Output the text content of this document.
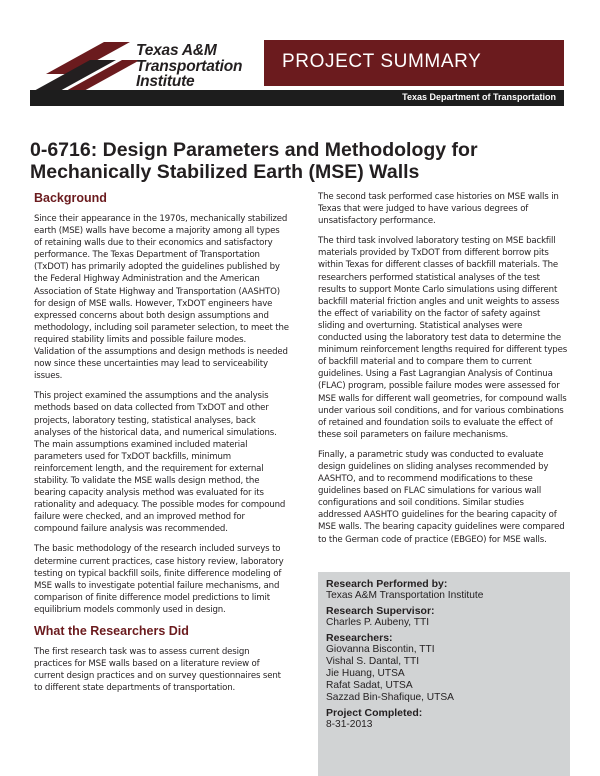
Texas A&M
Transportation
Institute
PROJECT SUMMARY
Texas Department of Transportation
0-6716: Design Parameters and Methodology for Mechanically Stabilized Earth (MSE) Walls
Background

Since their appearance in the 1970s, mechanically stabilized earth (MSE) walls have become a majority among all types of retaining walls due to their economics and satisfactory performance. The Texas Department of Transportation (TxDOT) has primarily adopted the guidelines published by the Federal Highway Administration and the American Association of State Highway and Transportation (AASHTO) for design of MSE walls. However, TxDOT engineers have expressed concerns about both design assumptions and methodology, including soil parameter selection, to meet the required stability limits and possible failure modes. Validation of the assumptions and design methods is needed now since these uncertainties may lead to serviceability issues.

This project examined the assumptions and the analysis methods based on data collected from TxDOT and other projects, laboratory testing, statistical analyses, back analyses of the historical data, and numerical simulations. The main assumptions examined included material parameters used for TxDOT backfills, minimum reinforcement length, and the requirement for external stability. To validate the MSE walls design method, the bearing capacity analysis method was evaluated for its rationality and adequacy. The possible modes for compound failure were checked, and an improved method for compound failure analysis was recommended.

The basic methodology of the research included surveys to determine current practices, case history review, laboratory testing on typical backfill soils, finite difference modeling of MSE walls to investigate potential failure mechanisms, and comparison of finite difference model predictions to limit equilibrium models commonly used in design.

What the Researchers Did

The first research task was to assess current design practices for MSE walls based on a literature review of current design practices and on survey questionnaires sent to different state departments of transportation.

The second task performed case histories on MSE walls in Texas that were judged to have various degrees of unsatisfactory performance.

The third task involved laboratory testing on MSE backfill materials provided by TxDOT from different borrow pits within Texas for different classes of backfill materials. The researchers performed statistical analyses of the test results to support Monte Carlo simulations using different backfill material friction angles and unit weights to assess the effect of variability on the factor of safety against sliding and overturning. Statistical analyses were conducted using the laboratory test data to determine the minimum reinforcement lengths required for different types of backfill material and to compare them to current guidelines. Using a Fast Lagrangian Analysis of Continua (FLAC) program, possible failure modes were assessed for MSE walls for different wall geometries, for compound walls under various soil conditions, and for various combinations of retained and foundation soils to evaluate the effect of these soil parameters on failure mechanisms.

Finally, a parametric study was conducted to evaluate design guidelines on sliding analyses recommended by AASHTO, and to recommend modifications to these guidelines based on FLAC simulations for various wall configurations and soil conditions. Similar studies addressed AASHTO guidelines for the bearing capacity of MSE walls. The bearing capacity guidelines were compared to the German code of practice (EBGEO) for MSE walls.

Research Performed by:
Texas A&M Transportation Institute
Research Supervisor:
Charles P. Aubeny, TTI
Researchers:
Giovanna Biscontin, TTI
Vishal S. Dantal, TTI
Jie Huang, UTSA
Rafat Sadat, UTSA
Sazzad Bin-Shafique, UTSA
Project Completed:
8-31-2013
